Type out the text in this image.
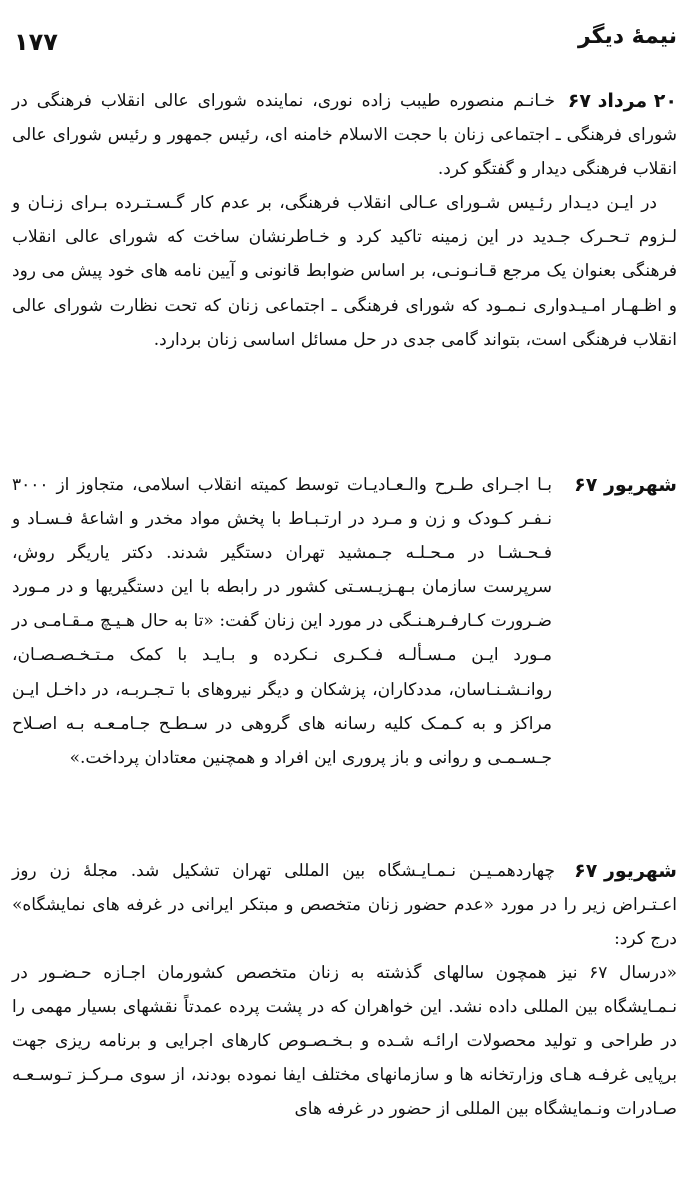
۱۷۷	نیمهٔ دیگر
۲۰ مرداد ۶۷

خـانـم منصوره طیبب زاده نوری، نماینده شورای عالی انقلاب فرهنگی در شورای فرهنگی ـ اجتماعی زنان با حجت الاسلام خامنه ای، رئیس جمهور و رئیس شورای عالی انقلاب فرهنگی دیدار و گفتگو کرد.

در ایـن دیـدار رئـیس شـورای عـالی انقلاب فرهنگی، بر عدم کار گـسـتـرده بـرای زنـان و لـزوم تـحـرک جـدید در این زمینه تاکید کرد و خـاطرنشان ساخت که شورای عالی انقلاب فرهنگی بعنوان یک مرجع قـانـونـی، بر اساس ضوابط قانونی و آیین نامه های خود پیش می رود و اظـهـار امـیـدواری نـمـود که شورای فرهنگی ـ اجتماعی زنان که تحت نظارت شورای عالی انقلاب فرهنگی است، بتواند گامی جدی در حل مسائل اساسی زنان بردارد.

شهریور ۶۷

بـا اجـرای طـرح والـعـادیـات توسط کمیته انقلاب اسلامی، متجاوز از ۳۰۰۰ نـفـر کـودک و زن و مـرد در ارتـبـاط با پخش مواد مخدر و اشاعهٔ فـسـاد و فـحـشـا در مـحـلـه جـمشید تهران دستگیر شدند. دکتر یاریگر روش، سرپرست سازمان بـهـزیـسـتی کشور در رابطه با این دستگیریها و در مـورد ضـرورت کـارفـرهـنـگی در مورد این زنان گفت: «تا به حال هـیـچ مـقـامـی در مـورد ایـن مـسـألـه فـکـری نـکرده و بـایـد با کمک مـتـخـصـصـان، روانـشـنـاسان، مددکاران، پزشکان و دیگر نیروهای با تـجـربـه، در داخـل ایـن مراکز و به کـمـک کلیه رسانه های گروهی در سـطـح جـامـعـه بـه اصـلاح جـسـمـی و روانی و باز پروری این افراد و همچنین معتادان پرداخت.»

شهریور ۶۷

چهاردهمـیـن نـمـایـشگاه بین المللی تهران تشکیل شد. مجلهٔ زن روز اعـتـراض زیر را در مورد «عدم حضور زنان متخصص و مبتکر ایرانی در غرفه های نمایشگاه» درج کرد:

«درسال ۶۷ نیز همچون سالهای گذشته به زنان متخصص کشورمان اجـازه حـضـور در نـمـایشگاه بین المللی داده نشد. این خواهران که در پشت پرده عمدتاً نقشهای بسیار مهمی را در طراحی و تولید محصولات ارائـه شـده و بـخـصـوص کارهای اجرایی و برنامه ریزی جهت برپایی غرفـه هـای وزارتخانه ها و سازمانهای مختلف ایفا نموده بودند، از سوی مـرکـز تـوسـعـه صـادرات ونـمایشگاه بین المللی از حضور در غرفه های
